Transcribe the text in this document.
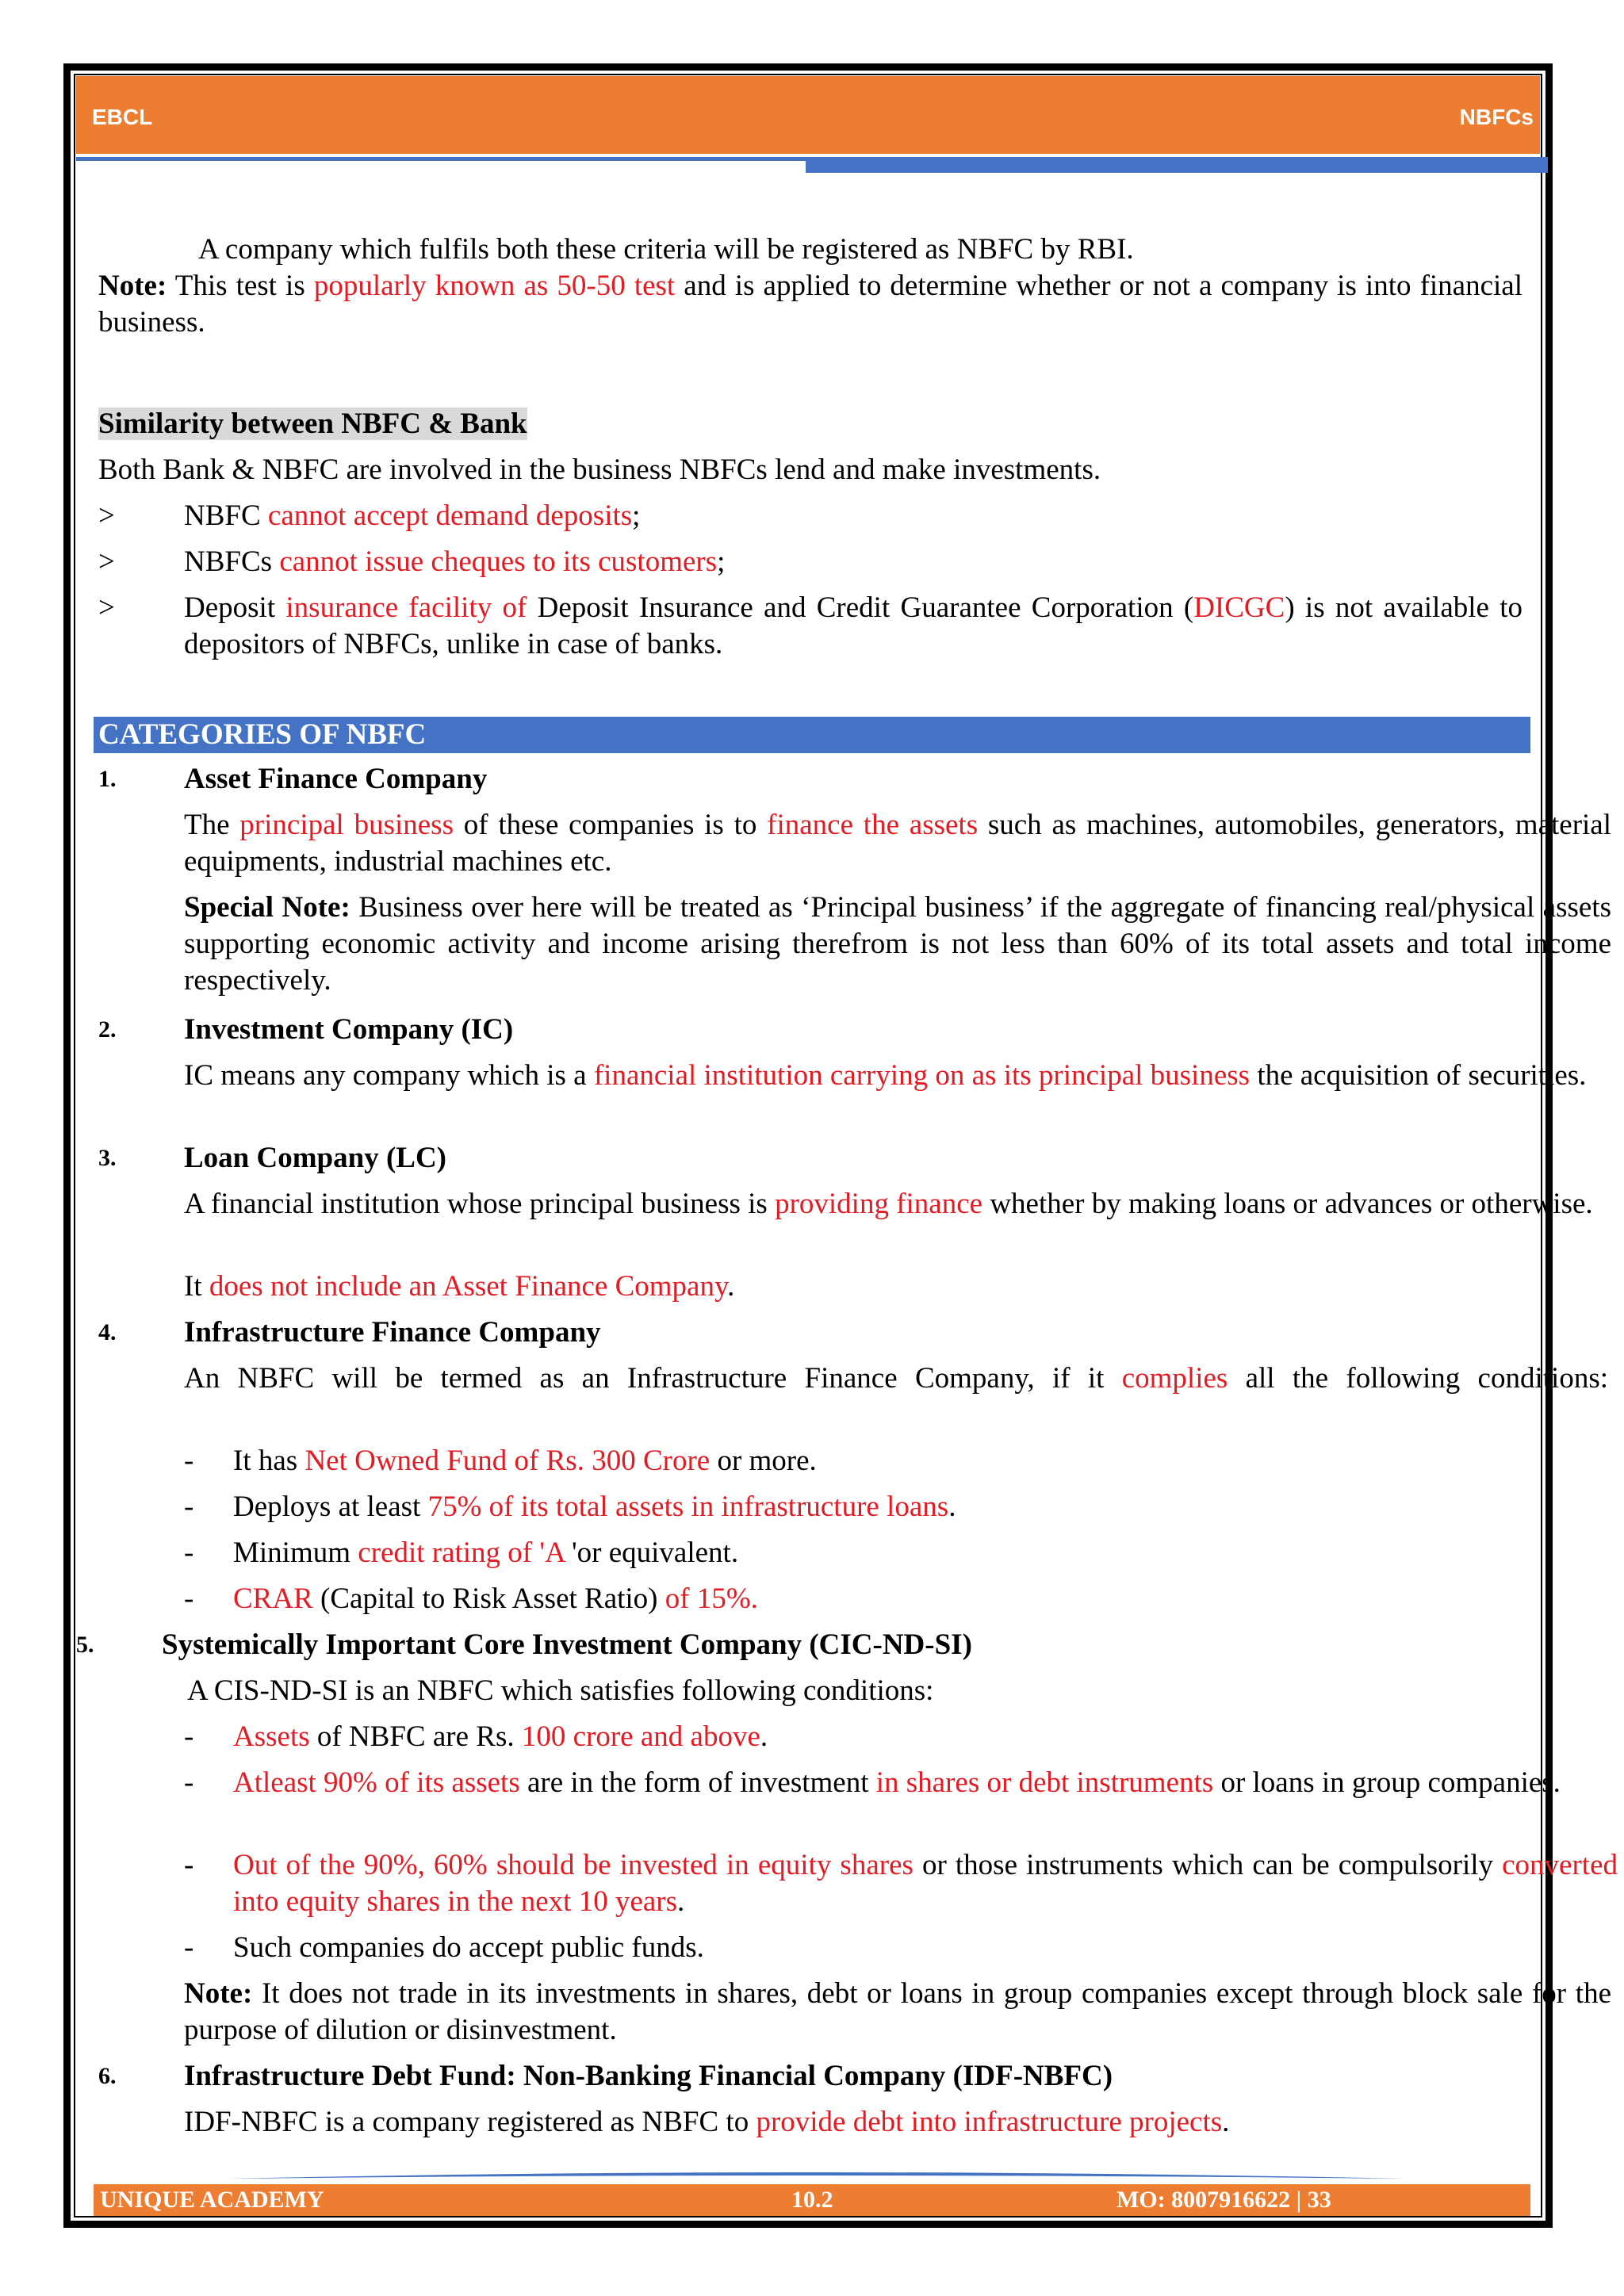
EBCL	NBFCs
A company which fulfils both these criteria will be registered as NBFC by RBI.
Note: This test is popularly known as 50-50 test and is applied to determine whether or not a company is into financial business.
Similarity between NBFC & Bank
Both Bank & NBFC are involved in the business NBFCs lend and make investments.
> NBFC cannot accept demand deposits;
> NBFCs cannot issue cheques to its customers;
> Deposit insurance facility of Deposit Insurance and Credit Guarantee Corporation (DICGC) is not available to depositors of NBFCs, unlike in case of banks.
CATEGORIES OF NBFC
1. Asset Finance Company
The principal business of these companies is to finance the assets such as machines, automobiles, generators, material equipments, industrial machines etc.
Special Note: Business over here will be treated as ‘Principal business’ if the aggregate of financing real/physical assets supporting economic activity and income arising therefrom is not less than 60% of its total assets and total income respectively.
2. Investment Company (IC)
IC means any company which is a financial institution carrying on as its principal business the acquisition of securities.
3. Loan Company (LC)
A financial institution whose principal business is providing finance whether by making loans or advances or otherwise.
It does not include an Asset Finance Company.
4. Infrastructure Finance Company
An NBFC will be termed as an Infrastructure Finance Company, if it complies all the following conditions:
- It has Net Owned Fund of Rs. 300 Crore or more.
- Deploys at least 75% of its total assets in infrastructure loans.
- Minimum credit rating of 'A 'or equivalent.
- CRAR (Capital to Risk Asset Ratio) of 15%.
5. Systemically Important Core Investment Company (CIC-ND-SI)
A CIS-ND-SI is an NBFC which satisfies following conditions:
- Assets of NBFC are Rs. 100 crore and above.
- Atleast 90% of its assets are in the form of investment in shares or debt instruments or loans in group companies.
- Out of the 90%, 60% should be invested in equity shares or those instruments which can be compulsorily converted into equity shares in the next 10 years.
- Such companies do accept public funds.
Note: It does not trade in its investments in shares, debt or loans in group companies except through block sale for the purpose of dilution or disinvestment.
6. Infrastructure Debt Fund: Non-Banking Financial Company (IDF-NBFC)
IDF-NBFC is a company registered as NBFC to provide debt into infrastructure projects.
UNIQUE ACADEMY	10.2	MO: 8007916622 | 33
